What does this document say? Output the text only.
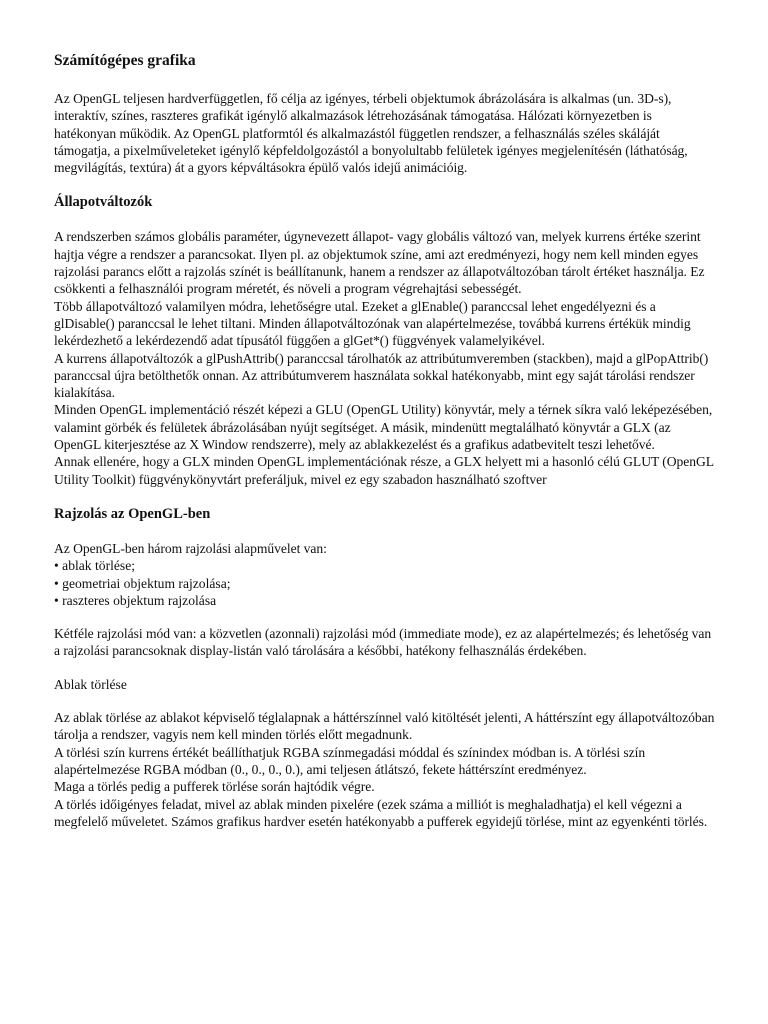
Számítógépes grafika

Az OpenGL teljesen hardverfüggetlen, fő célja az igényes, térbeli objektumok ábrázolására is alkalmas (un. 3D-s), interaktív, színes, raszteres grafikát igénylő alkalmazások létrehozásának támogatása. Hálózati környezetben is hatékonyan működik. Az OpenGL platformtól és alkalmazástól független rendszer, a felhasználás széles skáláját támogatja, a pixelműveleteket igénylő képfeldolgozástól a bonyolultabb felületek igényes megjelenítésén (láthatóság, megvilágítás, textúra) át a gyors képváltásokra épülő valós idejű animációig.

Állapotváltozók

A rendszerben számos globális paraméter, úgynevezett állapot- vagy globális változó van, melyek kurrens értéke szerint hajtja végre a rendszer a parancsokat. Ilyen pl. az objektumok színe, ami azt eredményezi, hogy nem kell minden egyes rajzolási parancs előtt a rajzolás színét is beállítanunk, hanem a rendszer az állapotváltozóban tárolt értéket használja. Ez csökkenti a felhasználói program méretét, és növeli a program végrehajtási sebességét.

Több állapotváltozó valamilyen módra, lehetőségre utal. Ezeket a glEnable() paranccsal lehet engedélyezni és a glDisable() paranccsal le lehet tiltani. Minden állapotváltozónak van alapértelmezése, továbbá kurrens értékük mindig lekérdezhető a lekérdezendő adat típusától függően a glGet*() függvények valamelyikével.

A kurrens állapotváltozók a glPushAttrib() paranccsal tárolhatók az attribútumveremben (stackben), majd a glPopAttrib() paranccsal újra betölthetők onnan. Az attribútumverem használata sokkal hatékonyabb, mint egy saját tárolási rendszer kialakítása.

Minden OpenGL implementáció részét képezi a GLU (OpenGL Utility) könyvtár, mely a térnek síkra való leképezésében, valamint görbék és felületek ábrázolásában nyújt segítséget. A másik, mindenütt megtalálható könyvtár a GLX (az OpenGL kiterjesztése az X Window rendszerre), mely az ablakkezelést és a grafikus adatbevitelt teszi lehetővé.

Annak ellenére, hogy a GLX minden OpenGL implementációnak része, a GLX helyett mi a hasonló célú GLUT (OpenGL Utility Toolkit) függvénykönyvtárt preferáljuk, mivel ez egy szabadon használható szoftver

Rajzolás az OpenGL-ben

Az OpenGL-ben három rajzolási alapművelet van:

• ablak törlése;
• geometriai objektum rajzolása;
• raszteres objektum rajzolása

Kétféle rajzolási mód van: a közvetlen (azonnali) rajzolási mód (immediate mode), ez az alapértelmezés; és lehetőség van a rajzolási parancsoknak display-listán való tárolására a későbbi, hatékony felhasználás érdekében.

Ablak törlése

Az ablak törlése az ablakot képviselő téglalapnak a háttérszínnel való kitöltését jelenti, A háttérszínt egy állapotváltozóban tárolja a rendszer, vagyis nem kell minden törlés előtt megadnunk.

A törlési szín kurrens értékét beállíthatjuk RGBA színmegadási móddal és színindex módban is. A törlési szín alapértelmezése RGBA módban (0., 0., 0., 0.), ami teljesen átlátszó, fekete háttérszínt eredményez.

Maga a törlés pedig a pufferek törlése során hajtódik végre.

A törlés időigényes feladat, mivel az ablak minden pixelére (ezek száma a milliót is meghaladhatja) el kell végezni a megfelelő műveletet. Számos grafikus hardver esetén hatékonyabb a pufferek egyidejű törlése, mint az egyenkénti törlés.
